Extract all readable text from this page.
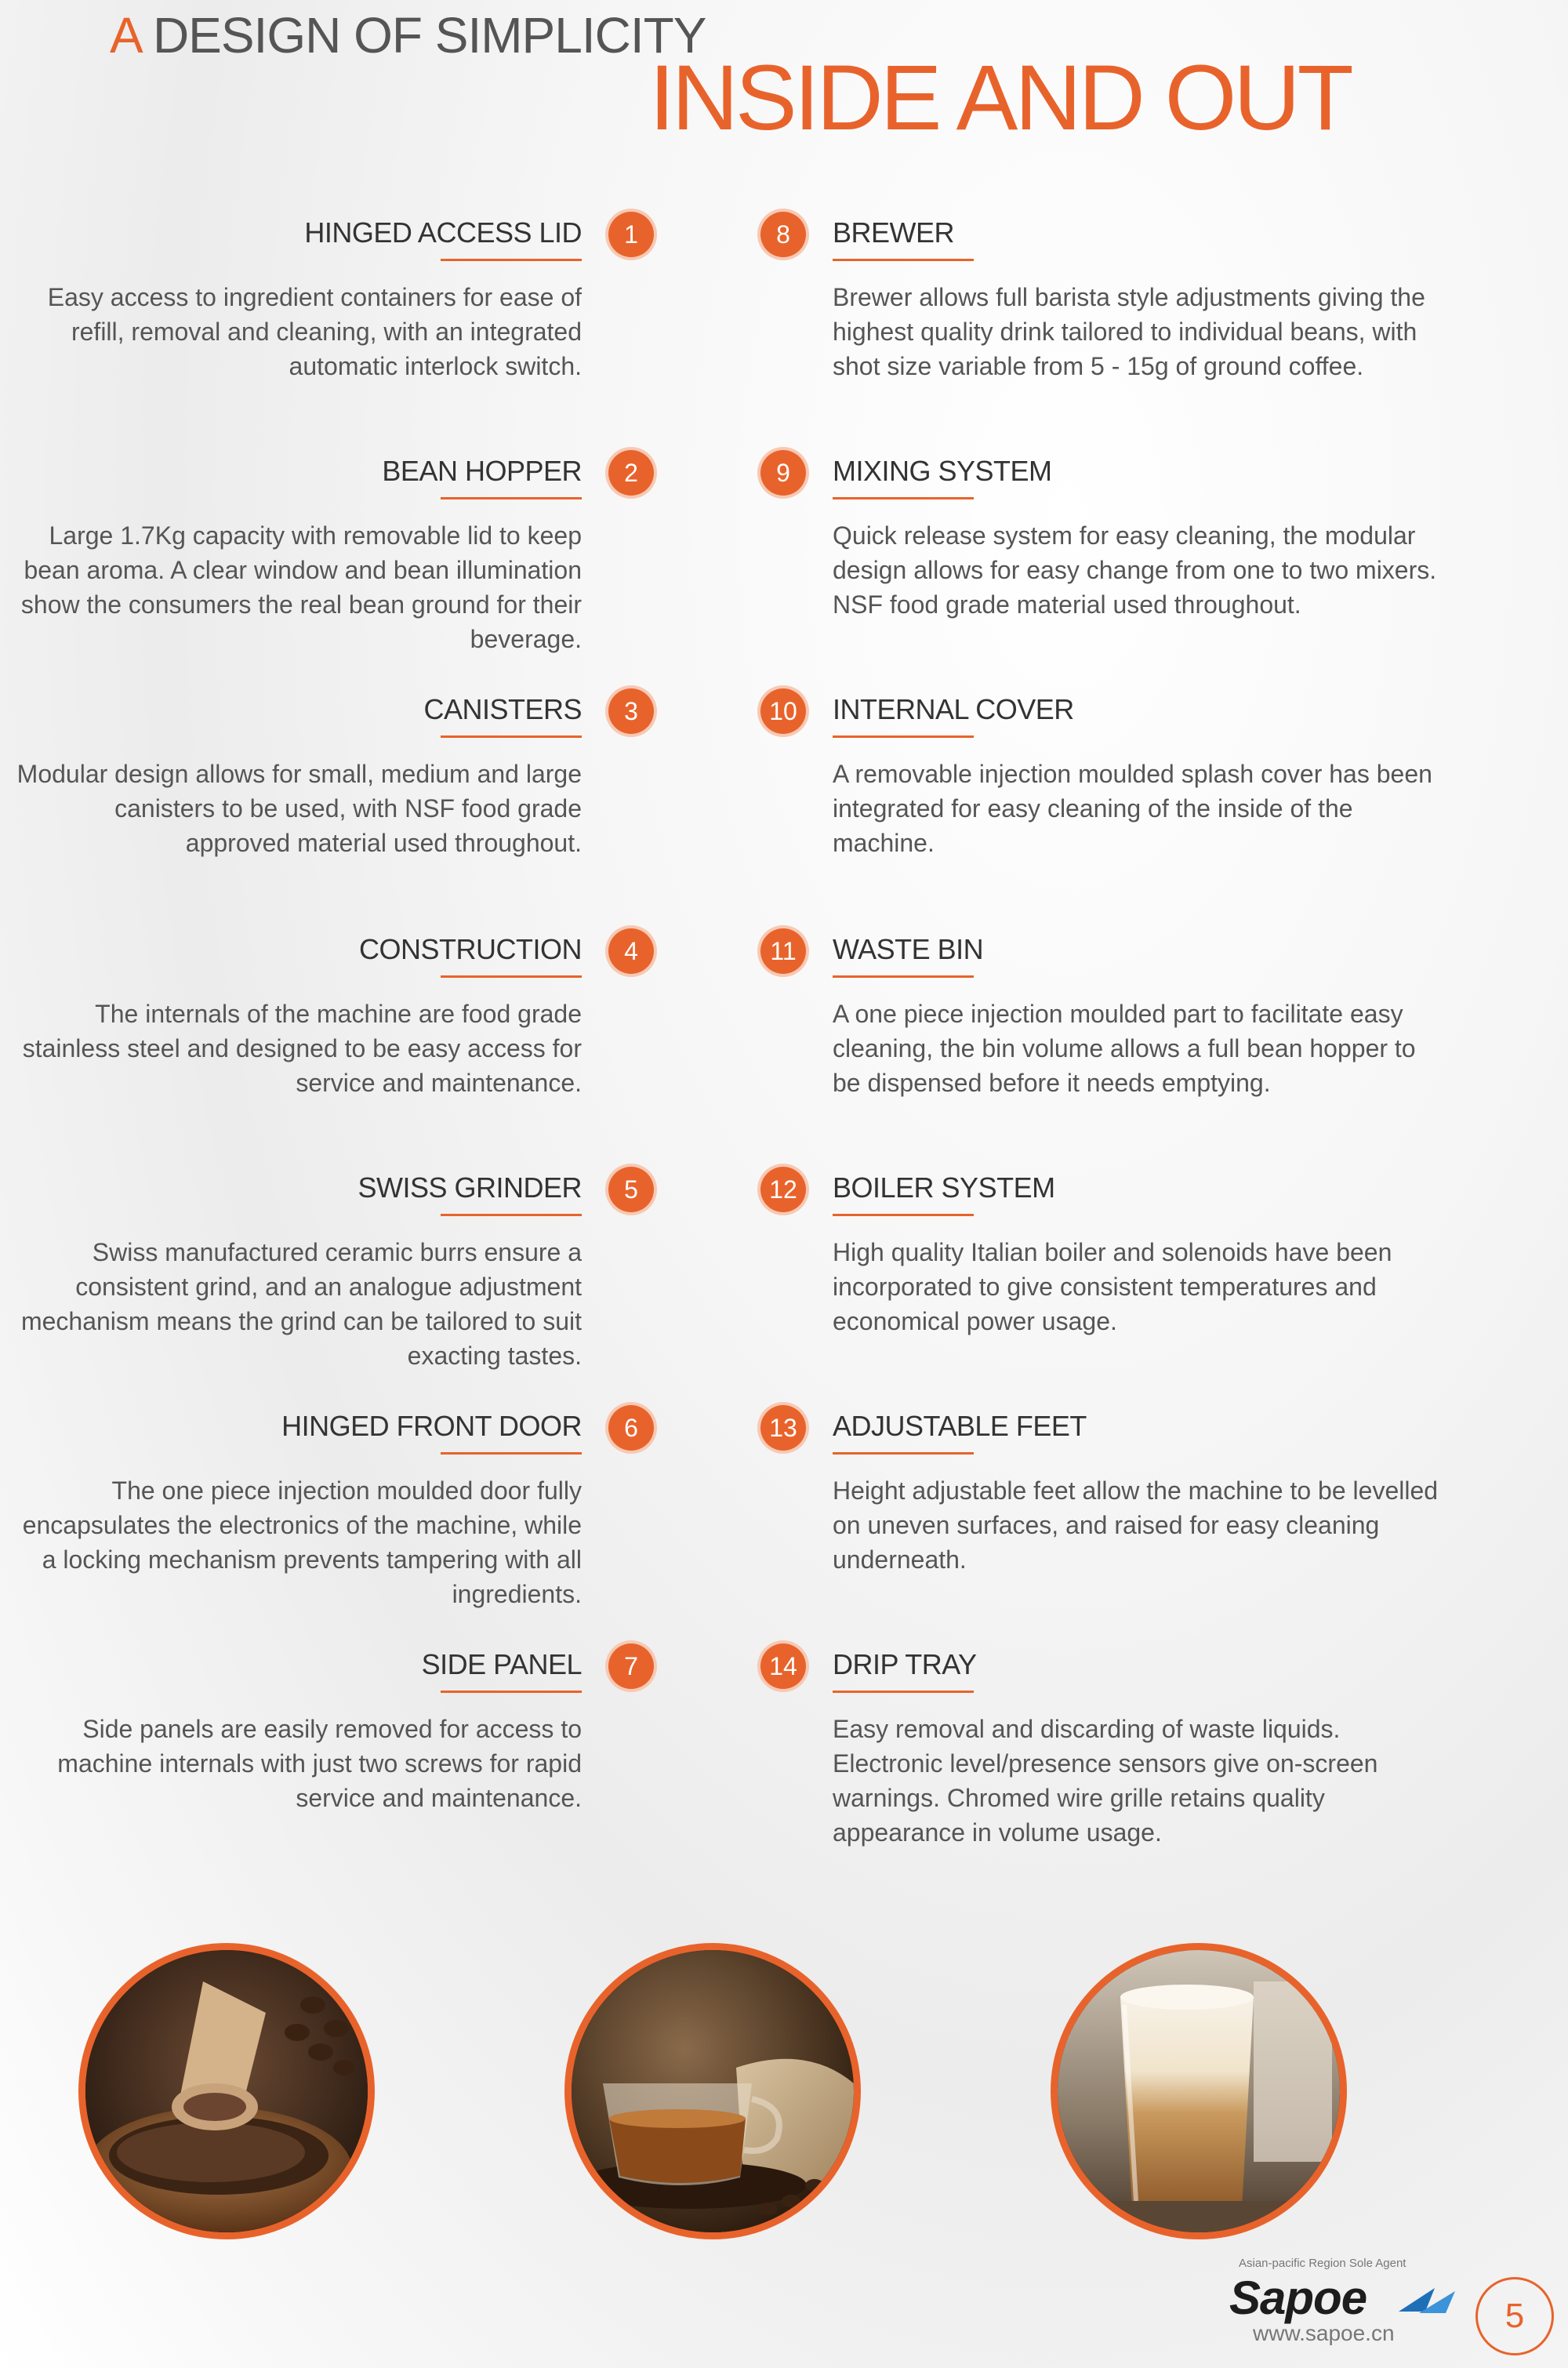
A DESIGN OF SIMPLICITY
INSIDE AND OUT
HINGED ACCESS LID
Easy access to ingredient containers for ease of refill, removal and cleaning, with an integrated automatic interlock switch.
1
BEAN HOPPER
Large 1.7Kg capacity with removable lid to keep bean aroma. A clear window and bean illumination show the consumers the real bean ground for their beverage.
2
CANISTERS
Modular design allows for small, medium and large canisters to be used, with NSF food grade approved material used throughout.
3
CONSTRUCTION
The internals of the machine are food grade stainless steel and designed to be easy access for service and maintenance.
4
SWISS GRINDER
Swiss manufactured ceramic burrs ensure a consistent grind, and an analogue adjustment mechanism means the grind can be tailored to suit exacting tastes.
5
HINGED FRONT DOOR
The one piece injection moulded door fully encapsulates the electronics of the machine, while a locking mechanism prevents tampering with all ingredients.
6
SIDE PANEL
Side panels are easily removed for access to machine internals with just two screws for rapid service and maintenance.
7
8	BREWER
Brewer allows full barista style adjustments giving the highest quality drink tailored to individual beans, with shot size variable from 5 - 15g of ground coffee.
9	MIXING SYSTEM
Quick release system for easy cleaning, the modular design allows for easy change from one to two mixers. NSF food grade material used throughout.
10	INTERNAL COVER
A removable injection moulded splash cover has been integrated for easy cleaning of the inside of the machine.
11	WASTE BIN
A one piece injection moulded part to facilitate easy cleaning, the bin volume allows a full bean hopper to be dispensed before it needs emptying.
12	BOILER SYSTEM
High quality Italian boiler and solenoids have been incorporated to give consistent temperatures and economical power usage.
13	ADJUSTABLE FEET
Height adjustable feet allow the machine to be levelled on uneven surfaces, and raised for easy cleaning underneath.
14	DRIP TRAY
Easy removal and discarding of waste liquids. Electronic level/presence sensors give on-screen warnings. Chromed wire grille retains quality appearance in volume usage.
Asian-pacific Region Sole Agent
Sapoe
www.sapoe.cn	5
